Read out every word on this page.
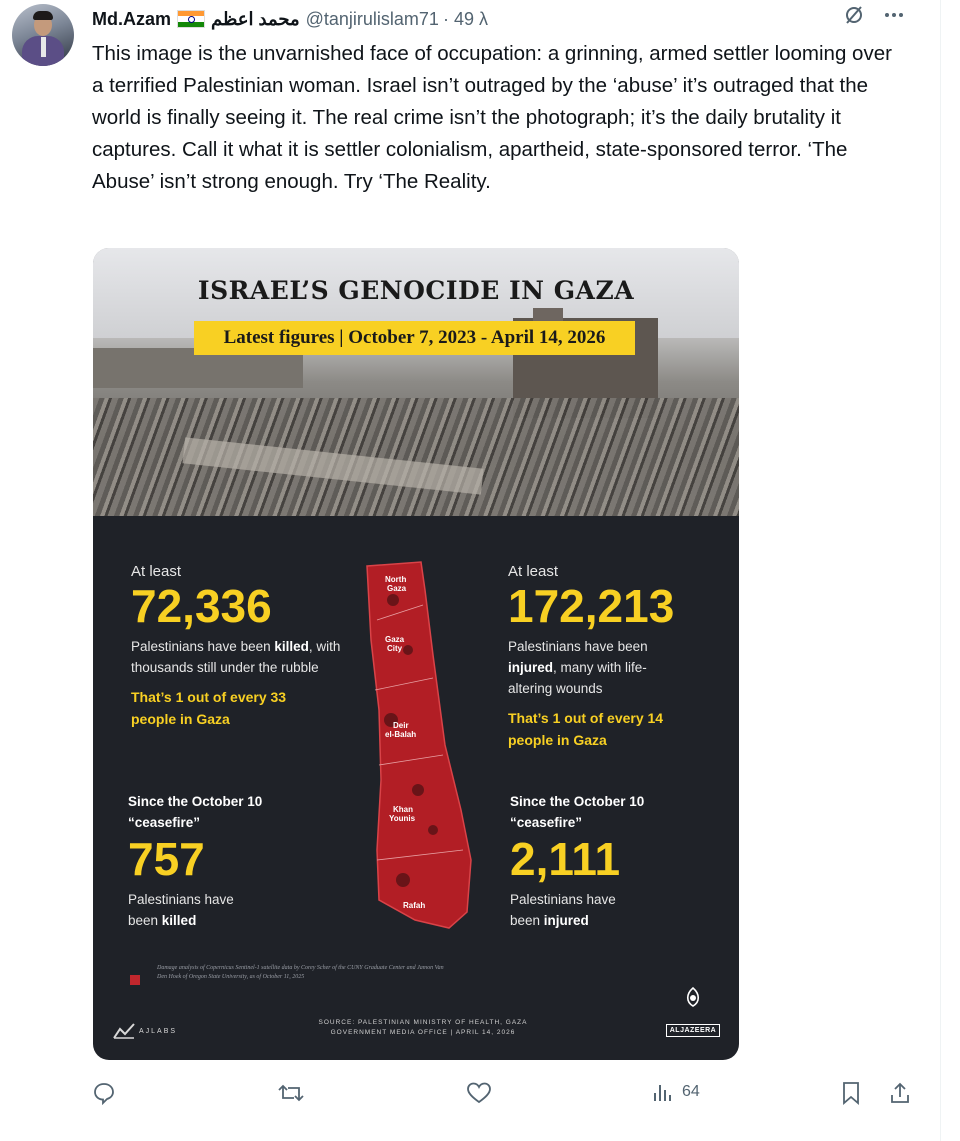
Md.Azam محمد اعظم @tanjirulislam71 · 49 λ

This image is the unvarnished face of occupation: a grinning, armed settler looming over a terrified Palestinian woman. Israel isn’t outraged by the ‘abuse’ it’s outraged that the world is finally seeing it. The real crime isn’t the photograph; it’s the daily brutality it captures. Call it what it is settler colonialism, apartheid, state-sponsored terror. ‘The Abuse’ isn’t strong enough. Try ‘The Reality.

ISRAEL’S GENOCIDE IN GAZA
Latest figures | October 7, 2023 - April 14, 2026
At least
72,336
Palestinians have been killed, with thousands still under the rubble
That’s 1 out of every 33 people in Gaza
At least
172,213
Palestinians have been injured, many with life-altering wounds
That’s 1 out of every 14 people in Gaza
Since the October 10 “ceasefire”
757
Palestinians have been killed
Since the October 10 “ceasefire”
2,111
Palestinians have been injured
North
Gaza
Gaza
City
Deir
el-Balah
Khan
Younis
Rafah
Damage analysis of Copernicus Sentinel-1 satellite data by Corey Scher of the CUNY Graduate Center and Jamon Van Den Hoek of Oregon State University, as of October 11, 2025
AJLABS
SOURCE: PALESTINIAN MINISTRY OF HEALTH, GAZA GOVERNMENT MEDIA OFFICE | APRIL 14, 2026	ALJAZEERA
64
